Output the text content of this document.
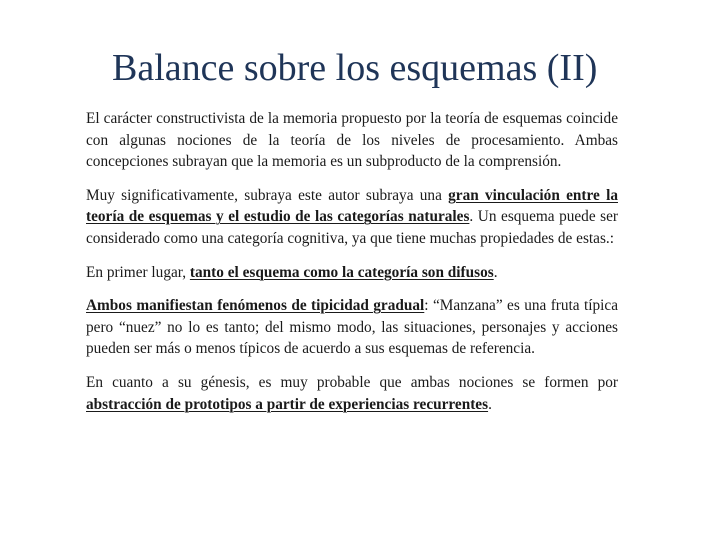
Balance sobre los esquemas (II)

El carácter constructivista de la memoria propuesto por la teoría de esquemas coincide con algunas nociones de la teoría de los niveles de procesamiento. Ambas concepciones subrayan que la memoria es un subproducto de la comprensión.

Muy significativamente, subraya este autor subraya una gran vinculación entre la teoría de esquemas y el estudio de las categorías naturales. Un esquema puede ser considerado como una categoría cognitiva, ya que tiene muchas propiedades de estas.:

En primer lugar, tanto el esquema como la categoría son difusos.

Ambos manifiestan fenómenos de tipicidad gradual: “Manzana” es una fruta típica pero “nuez” no lo es tanto; del mismo modo, las situaciones, personajes y acciones pueden ser más o menos típicos de acuerdo a sus esquemas de referencia.

En cuanto a su génesis, es muy probable que ambas nociones se formen por abstracción de prototipos a partir de experiencias recurrentes.
